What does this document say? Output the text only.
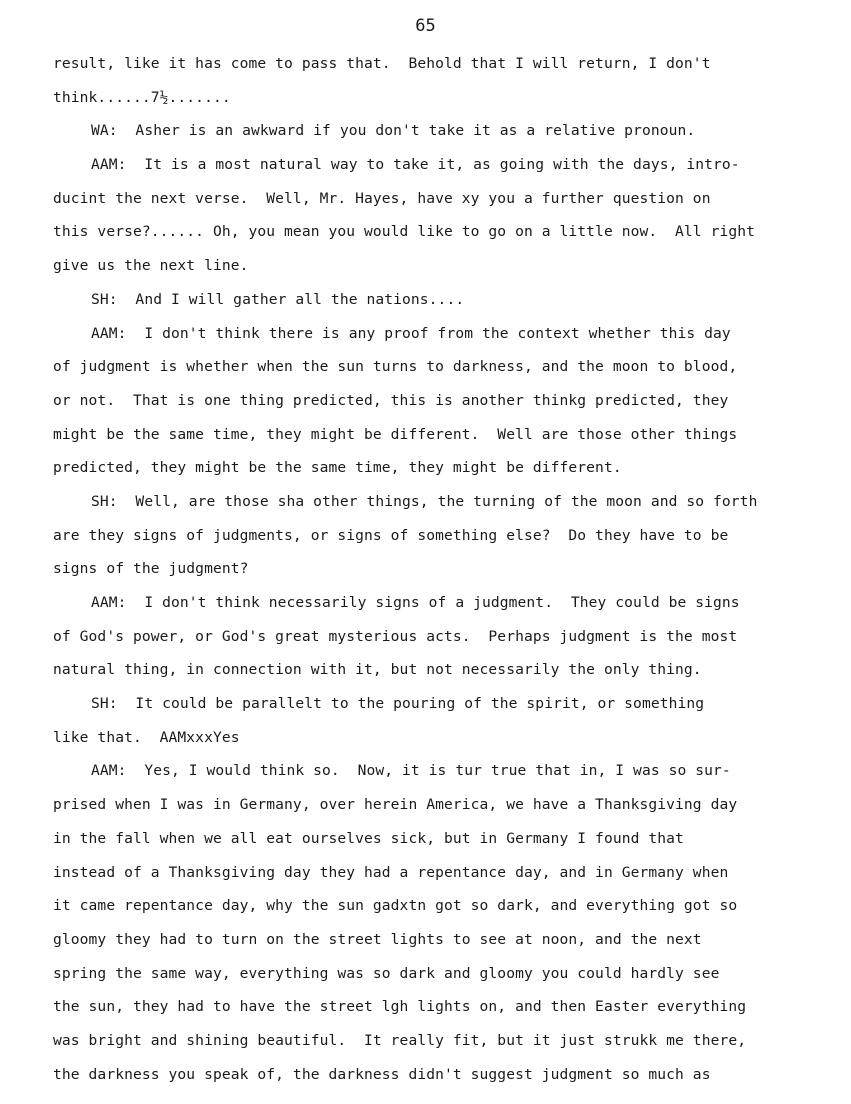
65

result, like it has come to pass that.  Behold that I will return, I don't
think......7½.......
WA:  Asher is an awkward if you don't take it as a relative pronoun.
AAM:  It is a most natural way to take it, as going with the days, intro-
ducint the next verse.  Well, Mr. Hayes, have xy you a further question on
this verse?...... Oh, you mean you would like to go on a little now.  All right
give us the next line.
SH:  And I will gather all the nations....
AAM:  I don't think there is any proof from the context whether this day
of judgment is whether when the sun turns to darkness, and the moon to blood,
or not.  That is one thing predicted, this is another thinkg predicted, they
might be the same time, they might be different.  Well are those other things
predicted, they might be the same time, they might be different.
SH:  Well, are those sha other things, the turning of the moon and so forth
are they signs of judgments, or signs of something else?  Do they have to be
signs of the judgment?
AAM:  I don't think necessarily signs of a judgment.  They could be signs
of God's power, or God's great mysterious acts.  Perhaps judgment is the most
natural thing, in connection with it, but not necessarily the only thing.
SH:  It could be parallelt to the pouring of the spirit, or something
like that.  AAMxxxYes
AAM:  Yes, I would think so.  Now, it is tur true that in, I was so sur-
prised when I was in Germany, over herein America, we have a Thanksgiving day
in the fall when we all eat ourselves sick, but in Germany I found that
instead of a Thanksgiving day they had a repentance day, and in Germany when
it came repentance day, why the sun gadxtn got so dark, and everything got so
gloomy they had to turn on the street lights to see at noon, and the next
spring the same way, everything was so dark and gloomy you could hardly see
the sun, they had to have the street lgh lights on, and then Easter everything
was bright and shining beautiful.  It really fit, but it just strukk me there,
the darkness you speak of, the darkness didn't suggest judgment so much as
